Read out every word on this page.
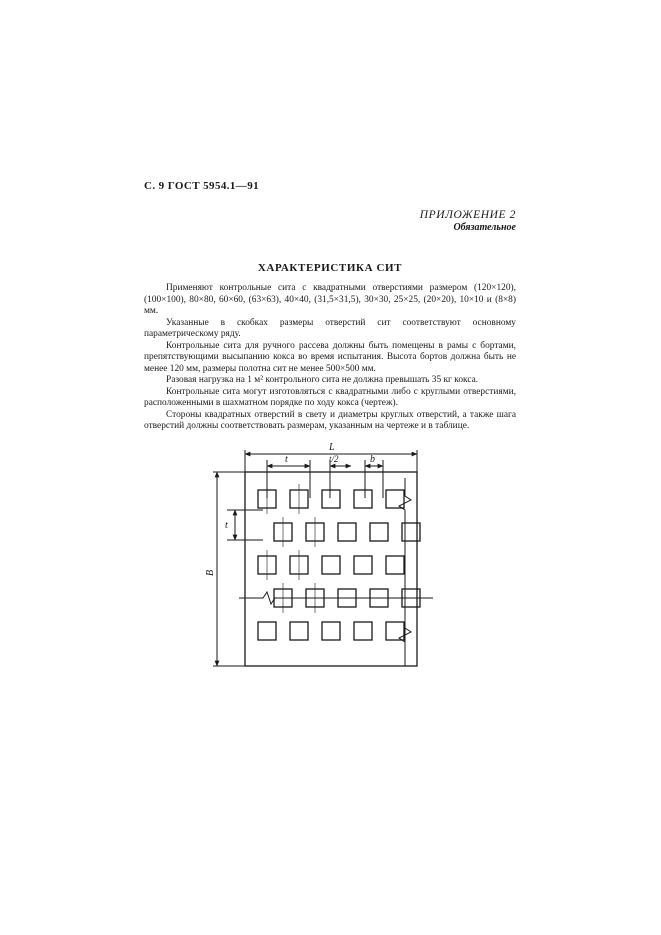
С. 9 ГОСТ 5954.1—91
ПРИЛОЖЕНИЕ 2
Обязательное
ХАРАКТЕРИСТИКА СИТ

Применяют контрольные сита с квадратными отверстиями размером (120×120), (100×100), 80×80, 60×60, (63×63), 40×40, (31,5×31,5), 30×30, 25×25, (20×20), 10×10 и (8×8) мм.

Указанные в скобках размеры отверстий сит соответствуют основному параметрическому ряду.

Контрольные сита для ручного рассева должны быть помещены в рамы с бортами, препятствующими высыпанию кокса во время испытания. Высота бортов должна быть не менее 120 мм, размеры полотна сит не менее 500×500 мм.

Разовая нагрузка на 1 м² контрольного сита не должна превышать 35 кг кокса.

Контрольные сита могут изготовляться с квадратными либо с круглыми отверстиями, расположенными в шахматном порядке по ходу кокса (чертеж).

Стороны квадратных отверстий в свету и диаметры круглых отверстий, а также шага отверстий должны соответствовать размерам, указанным на чертеже и в таблице.

L
B
t	t/2	b
t
